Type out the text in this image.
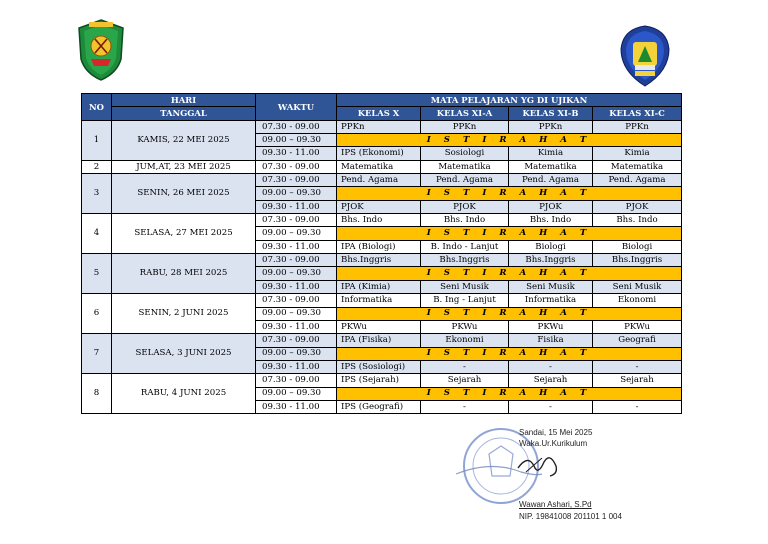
NO	HARI	WAKTU	MATA PELAJARAN YG DI UJIKAN			
	TANGGAL		KELAS X	KELAS XI-A	KELAS XI-B	KELAS XI-C

1	KAMIS, 22 MEI 2025	07.30 - 09.00	PPKn	PPKn	PPKn	PPKn
		09.00 – 09.30	I S T I R A H A T			
		09.30 - 11.00	IPS (Ekonomi)	Sosiologi	Kimia	Kimia
2	JUM,AT, 23 MEI 2025	07.30 - 09.00	Matematika	Matematika	Matematika	Matematika
3	SENIN, 26 MEI 2025	07.30 - 09.00	Pend. Agama	Pend. Agama	Pend. Agama	Pend. Agama
		09.00 – 09.30	I S T I R A H A T			
		09.30 - 11.00	PJOK	PJOK	PJOK	PJOK
4	SELASA, 27 MEI 2025	07.30 - 09.00	Bhs. Indo	Bhs. Indo	Bhs. Indo	Bhs. Indo
		09.00 – 09.30	I S T I R A H A T			
		09.30 - 11.00	IPA (Biologi)	B. Indo - Lanjut	Biologi	Biologi
5	RABU, 28 MEI 2025	07.30 - 09.00	Bhs.Inggris	Bhs.Inggris	Bhs.Inggris	Bhs.Inggris
		09.00 – 09.30	I S T I R A H A T			
		09.30 - 11.00	IPA (Kimia)	Seni Musik	Seni Musik	Seni Musik
6	SENIN, 2 JUNI 2025	07.30 - 09.00	Informatika	B. Ing - Lanjut	Informatika	Ekonomi
		09.00 – 09.30	I S T I R A H A T			
		09.30 - 11.00	PKWu	PKWu	PKWu	PKWu
7	SELASA, 3 JUNI 2025	07.30 - 09.00	IPA (Fisika)	Ekonomi	Fisika	Geografi
		09.00 – 09.30	I S T I R A H A T			
		09.30 - 11.00	IPS (Sosiologi)	-	-	-
8	RABU, 4 JUNI 2025	07.30 - 09.00	IPS (Sejarah)	Sejarah	Sejarah	Sejarah
		09.00 – 09.30	I S T I R A H A T			
		09.30 - 11.00	IPS (Geografi)	-	-	-
Sandai, 15 Mei 2025
Waka.Ur.Kurikulum
Wawan Ashari, S.Pd
NIP. 19841008 201101 1 004
